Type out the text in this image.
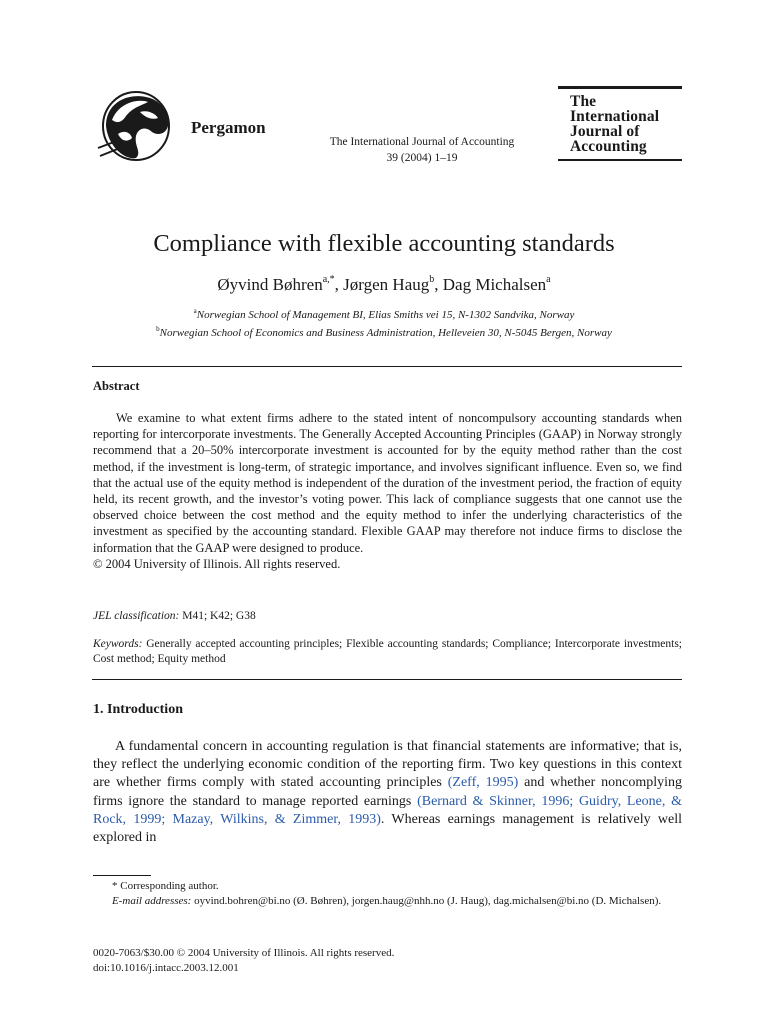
Pergamon
The International Journal of Accounting
39 (2004) 1–19
The
International
Journal of
Accounting
Compliance with flexible accounting standards
Øyvind Bøhren$^{a,*}$, Jørgen Haug$^b$, Dag Michalsen$^a$
$^a$Norwegian School of Management BI, Elias Smiths vei 15, N-1302 Sandvika, Norway
$^b$Norwegian School of Economics and Business Administration, Helleveien 30, N-5045 Bergen, Norway
Abstract

We examine to what extent firms adhere to the stated intent of noncompulsory accounting standards when reporting for intercorporate investments. The Generally Accepted Accounting Principles (GAAP) in Norway strongly recommend that a 20–50% intercorporate investment is accounted for by the equity method rather than the cost method, if the investment is long-term, of strategic importance, and involves significant influence. Even so, we find that the actual use of the equity method is independent of the duration of the investment period, the fraction of equity held, its recent growth, and the investor’s voting power. This lack of compliance suggests that one cannot use the observed choice between the cost method and the equity method to infer the underlying characteristics of the investment as specified by the accounting standard. Flexible GAAP may therefore not induce firms to disclose the information that the GAAP were designed to produce.

© 2004 University of Illinois. All rights reserved.

JEL classification: M41; K42; G38
Keywords: Generally accepted accounting principles; Flexible accounting standards; Compliance; Intercorporate investments; Cost method; Equity method
1. Introduction
A fundamental concern in accounting regulation is that financial statements are informative; that is, they reflect the underlying economic condition of the reporting firm. Two key questions in this context are whether firms comply with stated accounting principles (Zeff, 1995) and whether noncomplying firms ignore the standard to manage reported earnings (Bernard & Skinner, 1996; Guidry, Leone, & Rock, 1999; Mazay, Wilkins, & Zimmer, 1993). Whereas earnings management is relatively well explored in
* Corresponding author.
E-mail addresses: oyvind.bohren@bi.no (Ø. Bøhren), jorgen.haug@nhh.no (J. Haug), dag.michalsen@bi.no (D. Michalsen).
0020-7063/$30.00 © 2004 University of Illinois. All rights reserved.
doi:10.1016/j.intacc.2003.12.001
